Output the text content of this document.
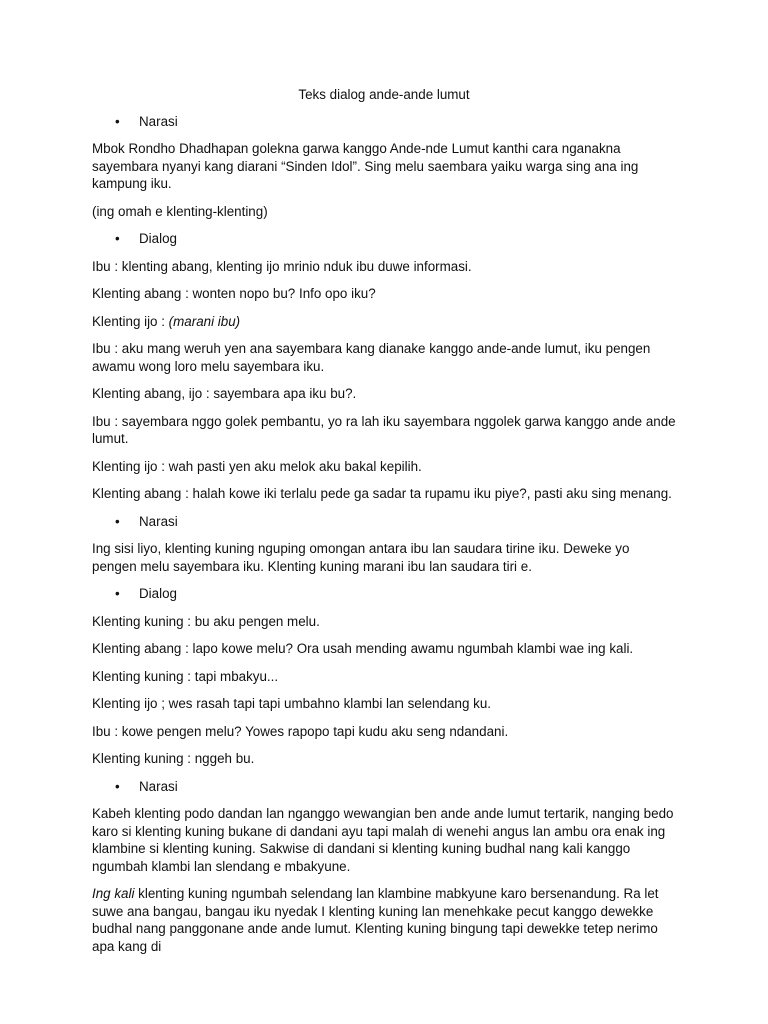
Teks dialog ande-ande lumut
• Narasi
Mbok Rondho Dhadhapan golekna garwa kanggo Ande-nde Lumut kanthi cara nganakna sayembara nyanyi kang diarani “Sinden Idol”. Sing melu saembara yaiku warga sing ana ing kampung iku.
(ing omah e klenting-klenting)
• Dialog
Ibu : klenting abang, klenting ijo mrinio nduk ibu duwe informasi.
Klenting abang : wonten nopo bu? Info opo iku?
Klenting ijo : (marani ibu)
Ibu : aku mang weruh yen ana sayembara kang dianake kanggo ande-ande lumut, iku pengen awamu wong loro melu sayembara iku.
Klenting abang, ijo : sayembara apa iku bu?.
Ibu : sayembara nggo golek pembantu, yo ra lah iku sayembara nggolek garwa kanggo ande ande lumut.
Klenting ijo : wah pasti yen aku melok aku bakal kepilih.
Klenting abang : halah kowe iki terlalu pede ga sadar ta rupamu iku piye?, pasti aku sing menang.
• Narasi
Ing sisi liyo, klenting kuning nguping omongan antara ibu lan saudara tirine iku. Deweke yo pengen melu sayembara iku. Klenting kuning marani ibu lan saudara tiri e.
• Dialog
Klenting kuning : bu aku pengen melu.
Klenting abang : lapo kowe melu? Ora usah mending awamu ngumbah klambi wae ing kali.
Klenting kuning : tapi mbakyu...
Klenting ijo ; wes rasah tapi tapi umbahno klambi lan selendang ku.
Ibu : kowe pengen melu? Yowes rapopo tapi kudu aku seng ndandani.
Klenting kuning : nggeh bu.
• Narasi
Kabeh klenting podo dandan lan nganggo wewangian ben ande ande lumut tertarik, nanging bedo karo si klenting kuning bukane di dandani ayu tapi malah di wenehi angus lan ambu ora enak ing klambine si klenting kuning. Sakwise di dandani si klenting kuning budhal nang kali kanggo ngumbah klambi lan slendang e mbakyune.
Ing kali klenting kuning ngumbah selendang lan klambine mabkyune karo bersenandung. Ra let suwe ana bangau, bangau iku nyedak I klenting kuning lan menehkake pecut kanggo dewekke budhal nang panggonane ande ande lumut. Klenting kuning bingung tapi dewekke tetep nerimo apa kang di
